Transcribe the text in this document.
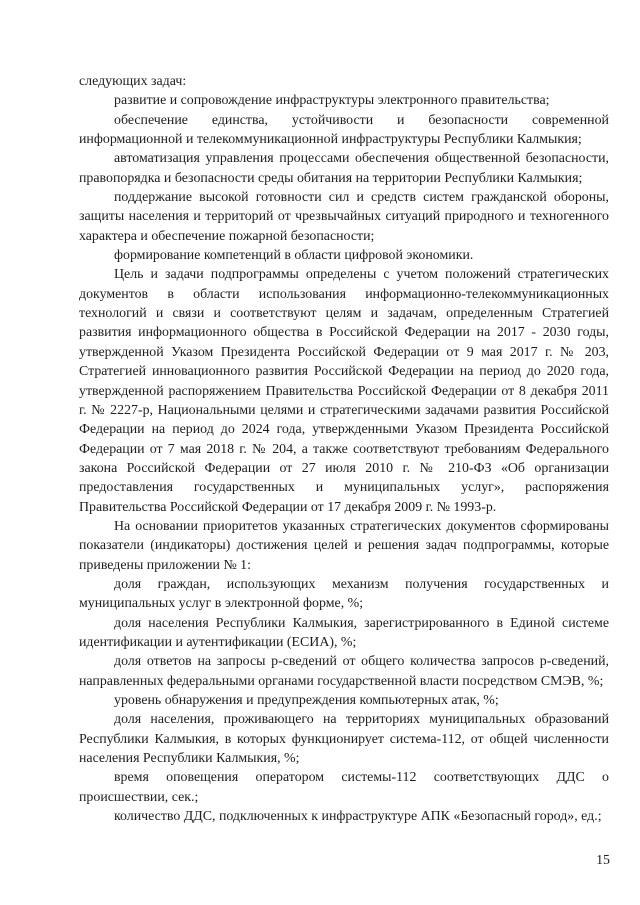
следующих задач:

развитие и сопровождение инфраструктуры электронного правительства;

обеспечение единства, устойчивости и безопасности современной информационной и телекоммуникационной инфраструктуры Республики Калмыкия;

автоматизация управления процессами обеспечения общественной безопасности, правопорядка и безопасности среды обитания на территории Республики Калмыкия;

поддержание высокой готовности сил и средств систем гражданской обороны, защиты населения и территорий от чрезвычайных ситуаций природного и техногенного характера и обеспечение пожарной безопасности;

формирование компетенций в области цифровой экономики.

Цель и задачи подпрограммы определены с учетом положений стратегических документов в области использования информационно-телекоммуникационных технологий и связи и соответствуют целям и задачам, определенным Стратегией развития информационного общества в Российской Федерации на 2017 - 2030 годы, утвержденной Указом Президента Российской Федерации от 9 мая 2017 г. № 203, Стратегией инновационного развития Российской Федерации на период до 2020 года, утвержденной распоряжением Правительства Российской Федерации от 8 декабря 2011 г. № 2227-р, Национальными целями и стратегическими задачами развития Российской Федерации на период до 2024 года, утвержденными Указом Президента Российской Федерации от 7 мая 2018 г. № 204, а также соответствуют требованиям Федерального закона Российской Федерации от 27 июля 2010 г. № 210-ФЗ «Об организации предоставления государственных и муниципальных услуг», распоряжения Правительства Российской Федерации от 17 декабря 2009 г. № 1993-р.

На основании приоритетов указанных стратегических документов сформированы показатели (индикаторы) достижения целей и решения задач подпрограммы, которые приведены приложении № 1:

доля граждан, использующих механизм получения государственных и муниципальных услуг в электронной форме, %;

доля населения Республики Калмыкия, зарегистрированного в Единой системе идентификации и аутентификации (ЕСИА), %;

доля ответов на запросы р-сведений от общего количества запросов р-сведений, направленных федеральными органами государственной власти посредством СМЭВ, %;

уровень обнаружения и предупреждения компьютерных атак, %;

доля населения, проживающего на территориях муниципальных образований Республики Калмыкия, в которых функционирует система-112, от общей численности населения Республики Калмыкия, %;

время оповещения оператором системы-112 соответствующих ДДС о происшествии, сек.;

количество ДДС, подключенных к инфраструктуре АПК «Безопасный город», ед.;

15
